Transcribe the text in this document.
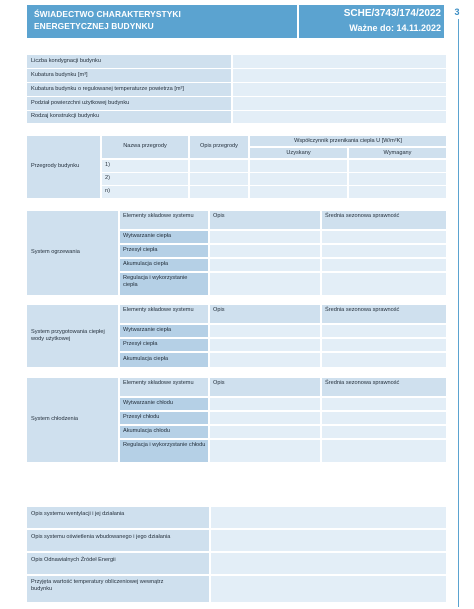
ŚWIADECTWO CHARAKTERYSTYKI
ENERGETYCZNEJ BUDYNKU
SCHE/3743/174/2022
Ważne do: 14.11.2022
3
Liczba kondygnacji budynku
Kubatura budynku [m³]
Kubatura budynku o regulowanej temperaturze powietrza [m³]
Podział powierzchni użytkowej budynku
Rodzaj konstrukcji budynku
Przegrody budynku
Nazwa przegrody	Opis przegrody
Współczynnik przenikania ciepła U [W/m²K]
Uzyskany	Wymagany
1)
2)
n)
System ogrzewania
Elementy składowe systemu	Opis	Średnia sezonowa sprawność
Wytwarzanie ciepła
Przesył ciepła
Akumulacja ciepła
Regulacja i wykorzystanie ciepła
System przygotowania ciepłej wody użytkowej
Elementy składowe systemu	Opis	Średnia sezonowa sprawność
Wytwarzanie ciepła
Przesył ciepła
Akumulacja ciepła
System chłodzenia
Elementy składowe systemu	Opis	Średnia sezonowa sprawność
Wytwarzanie chłodu
Przesył chłodu
Akumulacja chłodu
Regulacja i wykorzystanie chłodu
Opis systemu wentylacji i jej działania
Opis systemu oświetlenia wbudowanego i jego działania
Opis Odnawialnych Źródeł Energii
Przyjęta wartość temperatury obliczeniowej wewnątrz budynku
